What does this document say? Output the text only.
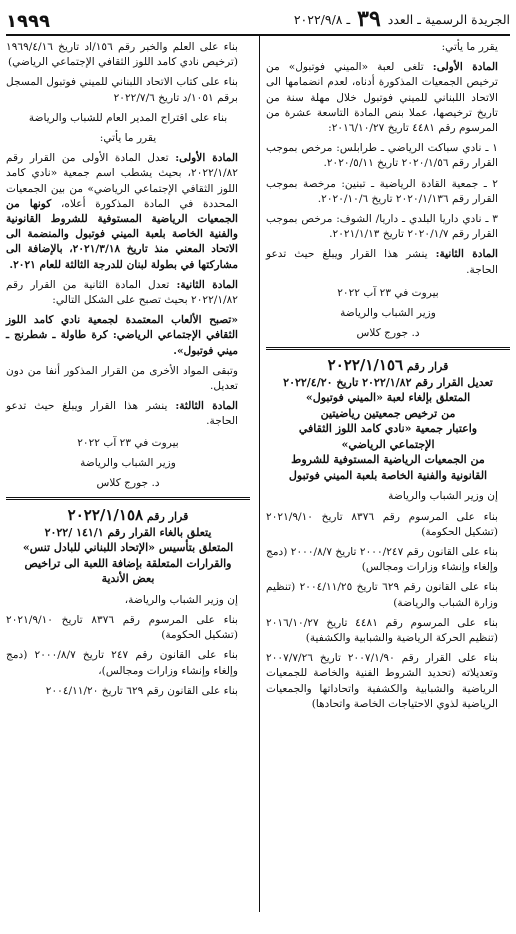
الجريدة الرسمية ـ العدد ٣٩ ـ ٢٠٢٢/٩/٨
١٩٩٩

يقرر ما يأتي:

المادة الأولى: تلغى لعبة «الميني فوتبول» من ترخيص الجمعيات المذكورة أدناه، لعدم انضمامها الى الاتحاد اللبناني للميني فوتبول خلال مهلة سنة من تاريخ ترخيصها، عملا بنص المادة التاسعة عشرة من المرسوم رقم ٤٤٨١ تاريخ ٢٠١٦/١٠/٢٧:

١ ـ نادي سباكت الرياضي ـ طرابلس: مرخص بموجب القرار رقم ٢٠٢٠/١/٥٦ تاريخ ٢٠٢٠/٥/١١.

٢ ـ جمعية القادة الرياضية ـ تبنين: مرخصة بموجب القرار رقم ٢٠٢٠/١/١٣٦ تاريخ ٢٠٢٠/١٠/٦.

٣ ـ نادي داريا البلدي ـ داريا/ الشوف: مرخص بموجب القرار رقم ٢٠٢٠/١/٧ تاريخ ٢٠٢١/١/١٣.

المادة الثانية: ينشر هذا القرار ويبلغ حيث تدعو الحاجة.

بيروت في ٢٣ آب ٢٠٢٢

وزير الشباب والرياضة

د. جورج كلاس

قرار رقم ٢٠٢٢/١/١٥٦
تعديل القرار رقم ٢٠٢٢/١/٨٢ تاريخ ٢٠٢٢/٤/٢٠
المتعلق بإلغاء لعبة «الميني فوتبول»
من ترخيص جمعيتين رياضيتين
واعتبار جمعية «نادي كامد اللوز الثقافي
الإجتماعي الرياضي»
من الجمعيات الرياضية المستوفية للشروط
القانونية والفنية الخاصة بلعبة الميني فوتبول

إن وزير الشباب والرياضة

بناء على المرسوم رقم ٨٣٧٦ تاريخ ٢٠٢١/٩/١٠ (تشكيل الحكومة)

بناء على القانون رقم ٢٠٠٠/٢٤٧ تاريخ ٢٠٠٠/٨/٧ (دمج وإلغاء وإنشاء وزارات ومجالس)

بناء على القانون رقم ٦٢٩ تاريخ ٢٠٠٤/١١/٢٥ (تنظيم وزارة الشباب والرياضة)

بناء على المرسوم رقم ٤٤٨١ تاريخ ٢٠١٦/١٠/٢٧ (تنظيم الحركة الرياضية والشبابية والكشفية)

بناء على القرار رقم ٢٠٠٧/١/٩٠ تاريخ ٢٠٠٧/٧/٢٦ وتعديلاته (تحديد الشروط الفنية والخاصة للجمعيات الرياضية والشبابية والكشفية واتحاداتها والجمعيات الرياضية لذوي الاحتياجات الخاصة واتحادها)

بناء على العلم والخبر رقم ١٥٦/اد تاريخ ١٩٦٩/٤/١٦ (ترخيص نادي كامد اللوز الثقافي الإجتماعي الرياضي)

بناء على كتاب الاتحاد اللبناني للميني فوتبول المسجل برقم ١٠٥١/د تاريخ ٢٠٢٢/٧/٦

بناء على اقتراح المدير العام للشباب والرياضة

يقرر ما يأتي:

المادة الأولى: تعدل المادة الأولى من القرار رقم ٢٠٢٢/١/٨٢، بحيث يشطب اسم جمعية «نادي كامد اللوز الثقافي الإجتماعي الرياضي» من بين الجمعيات المحددة في المادة المذكورة أعلاه، كونها من الجمعيات الرياضية المستوفية للشروط القانونية والفنية الخاصة بلعبة الميني فوتبول والمنضمة الى الاتحاد المعني منذ تاريخ ٢٠٢١/٣/١٨، بالإضافة الى مشاركتها في بطولة لبنان للدرجة الثالثة للعام ٢٠٢١.

المادة الثانية: تعدل المادة الثانية من القرار رقم ٢٠٢٢/١/٨٢ بحيث تصبح على الشكل التالي:

«تصبح الألعاب المعتمدة لجمعية نادي كامد اللوز الثقافي الإجتماعي الرياضي: كرة طاولة ـ شطرنج ـ ميني فوتبول».

وتبقى المواد الأخرى من القرار المذكور أنفا من دون تعديل.

المادة الثالثة: ينشر هذا القرار ويبلغ حيث تدعو الحاجة.

بيروت في ٢٣ آب ٢٠٢٢

وزير الشباب والرياضة

د. جورج كلاس

قرار رقم ٢٠٢٢/١/١٥٨
يتعلق بالغاء القرار رقم ١٤١/١ /٢٠٢٢
المتعلق بتأسيس «الإتحاد اللبناني للبادل تنس»
والقرارات المتعلقة بإضافة اللعبة الى تراخيص
بعض الأندية

إن وزير الشباب والرياضة،

بناء على المرسوم رقم ٨٣٧٦ تاريخ ٢٠٢١/٩/١٠ (تشكيل الحكومة)

بناء على القانون رقم ٢٤٧ تاريخ ٢٠٠٠/٨/٧ (دمج وإلغاء وإنشاء وزارات ومجالس)،

بناء على القانون رقم ٦٢٩ تاريخ ٢٠٠٤/١١/٢٠
